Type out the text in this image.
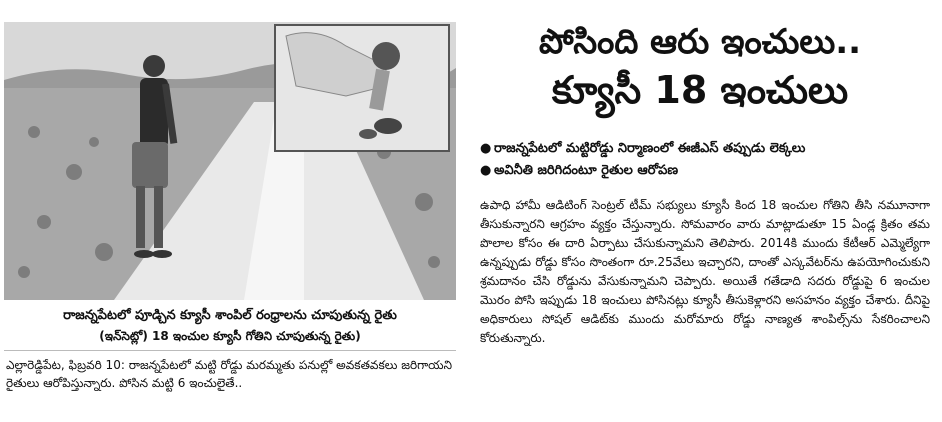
రాజన్నపేటలో పూడ్చిన క్యూసీ శాంపిల్ రంధ్రాలను చూపుతున్న రైతు
(ఇన్‌సెట్లో) 18 ఇంచుల క్యూసీ గోతిని చూపుతున్న రైతు)
ఎల్లారెడ్డిపేట, ఫిబ్రవరి 10: రాజన్నపేటలో మట్టి రోడ్డు మరమ్మతు పనుల్లో అవకతవకలు జరిగాయని రైతులు ఆరోపిస్తున్నారు. పోసిన మట్టి 6 ఇంచులైతే..
పోసింది ఆరు ఇంచులు..
క్యూసీ 18 ఇంచులు
● రాజన్నపేటలో మట్టిరోడ్డు నిర్మాణంలో ఈజీఎస్ తప్పుడు లెక్కలు
● అవినీతి జరిగిదంటూ రైతుల ఆరోపణ

ఉపాధి హామీ ఆడిటింగ్ సెంట్రల్ టీమ్ సభ్యులు క్యూసీ కింద 18 ఇంచుల గోతిని తీసి నమూనాగా తీసుకున్నారని ఆగ్రహం వ్యక్తం చేస్తున్నారు. సోమవారం వారు మాట్లాడుతూ 15 ఏండ్ల క్రితం తమ పొలాల కోసం ఈ దారి ఏర్పాటు చేసుకున్నామని తెలిపారు. 2014కి ముందు కేటీఆర్ ఎమ్మెల్యేగా ఉన్నప్పుడు రోడ్డు కోసం సొంతంగా రూ.25వేలు ఇచ్చారని, దాంతో ఎస్కవేటర్‌ను ఉపయోగించుకుని శ్రమదానం చేసి రోడ్డును వేసుకున్నామని చెప్పారు. అయితే గతేడాది సదరు రోడ్డుపై 6 ఇంచుల మొరం పోసి ఇప్పుడు 18 ఇంచులు పోసినట్లు క్యూసీ తీసుకెళ్లారని అసహనం వ్యక్తం చేశారు. దీనిపై అధికారులు సోషల్ ఆడిట్‌కు ముందు మరోమారు రోడ్డు నాణ్యత శాంపిల్స్‌ను సేకరించాలని కోరుతున్నారు.
